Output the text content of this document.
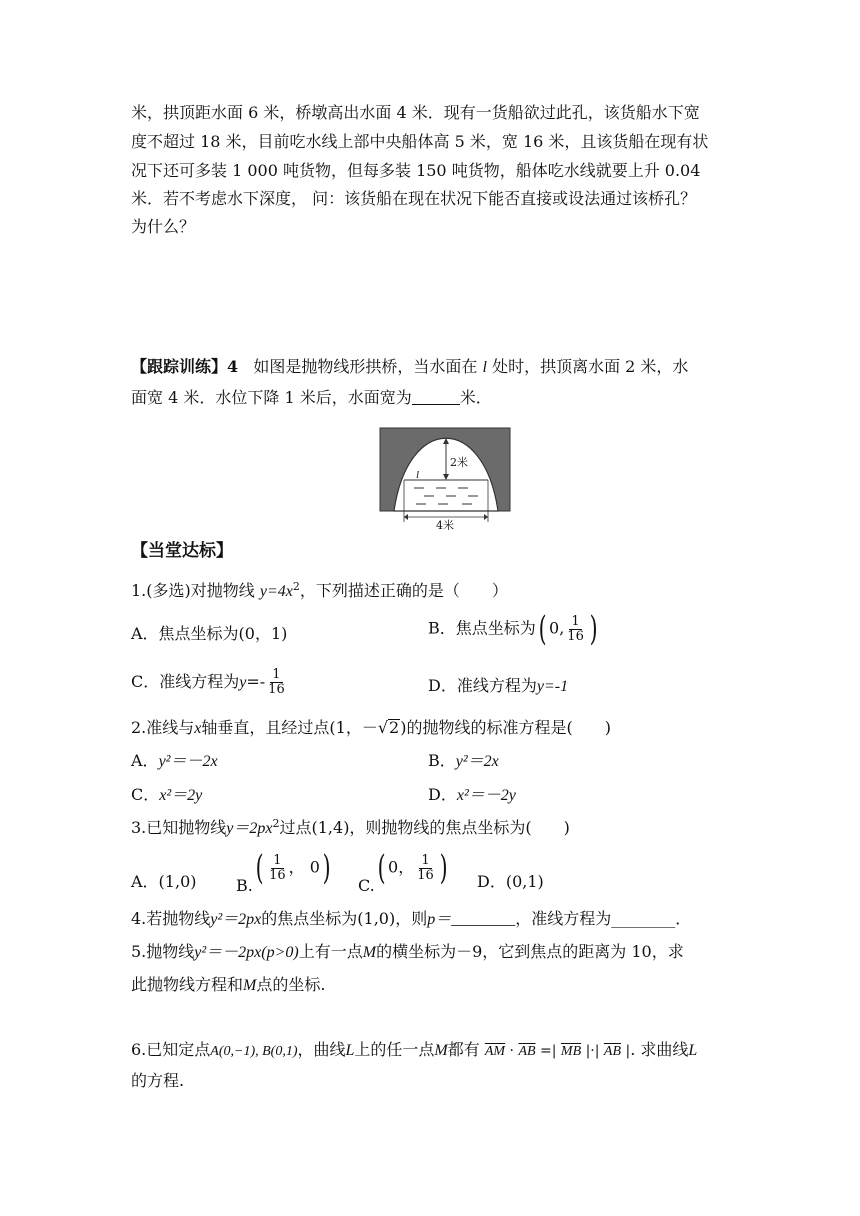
米，拱顶距水面 6 米，桥墩高出水面 4 米．现有一货船欲过此孔，该货船水下宽
度不超过 18 米，目前吃水线上部中央船体高 5 米，宽 16 米，且该货船在现有状
况下还可多装 1 000 吨货物，但每多装 150 吨货物，船体吃水线就要上升 0.04
米．若不考虑水下深度， 问：该货船在现在状况下能否直接或设法通过该桥孔？
为什么？
【跟踪训练】4 如图是抛物线形拱桥，当水面在 l 处时，拱顶离水面 2 米，水
面宽 4 米．水位下降 1 米后，水面宽为	米．
2米
l
4米
【当堂达标】
1.(多选)对抛物线 $y=4x^2$，下列描述正确的是（　　）
A．焦点坐标为(0，1)	B．焦点坐标为( 0, $\frac{1}{16}$ )
C．准线方程为$y=- \frac{1}{16}$	D．准线方程为y=-1
2.准线与x轴垂直，且经过点(1，－√2)的抛物线的标准方程是(　　)
A．y²＝－2x	B．y²＝2x
C．x²＝2y	D．x²＝－2y
3.已知抛物线$y=2px^2$过点(1,4)，则抛物线的焦点坐标为(　　)
A．(1,0) $B.( \frac{1}{16}$ ， 0) C.( 0， $\frac{1}{16}$ ) D．(0,1)
4.若抛物线y²＝2px的焦点坐标为(1,0)，则p＝________，准线方程为________．
5.抛物线y²＝－2px(p>0)上有一点M的横坐标为－9，它到焦点的距离为 10，求
此抛物线方程和M点的坐标.
6.已知定点A(0,−1), B(0,1)，曲线L上的任一点M都有 $\overline{AM} \cdot \overline{AB}$ =| $\overline{MB}$ |·| $\overline{AB}$ |. 求曲线L
的方程.
